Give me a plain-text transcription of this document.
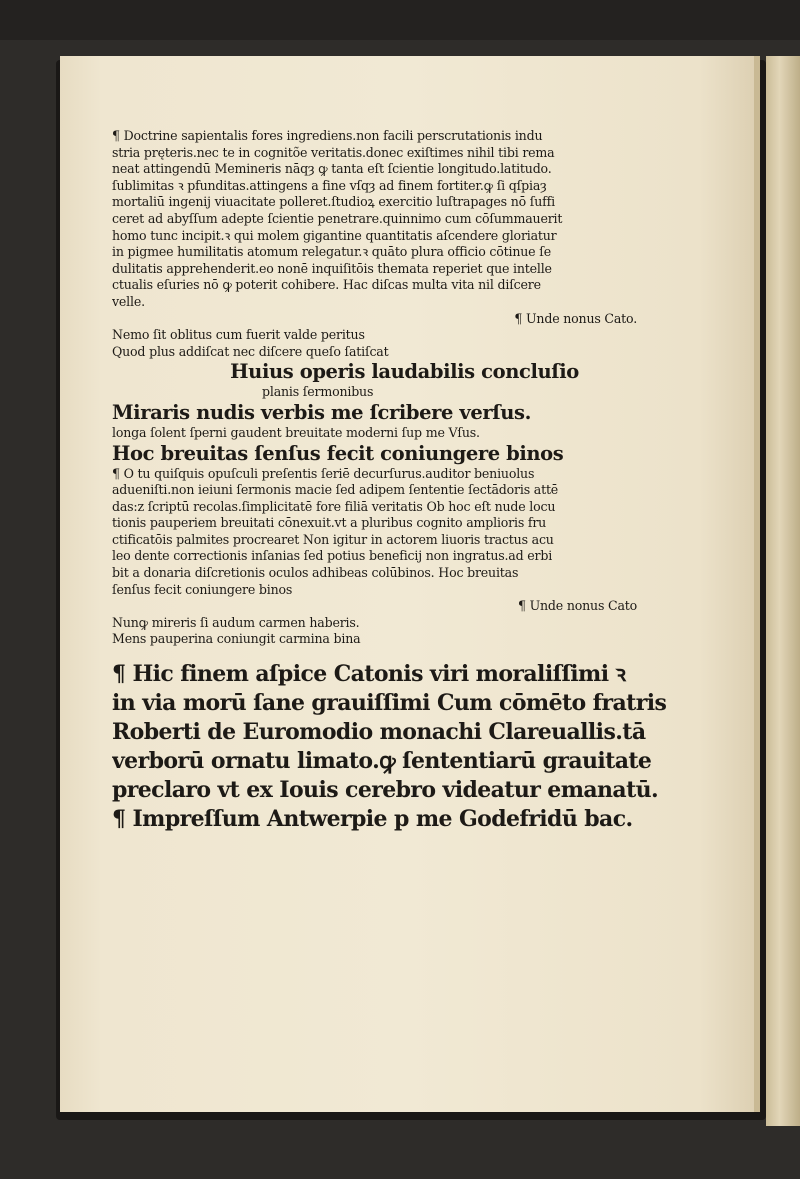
¶ Doctrine sapientalis fores ingrediens.non facili perscrutationis indu
stria pręteris.nec te in cognitõe veritatis.donec exiſtimes nihil tibi rema
neat attingendū Memineris nāqȝ ꝙ tanta eſt ſcientie longitudo.latitudo.
ſublimitas ꝛ pfunditas.attingens a fine vſqȝ ad finem fortiter.ꝙ ſi qſpiaȝ
mortaliū ingenij viuacitate polleret.ſtudioꝝ exercitio luſtrapages nō ſuffi
ceret ad abyſſum adepte ſcientie penetrare.quinnimo cum cōſummauerit
homo tunc incipit.ꝛ qui molem gigantine quantitatis aſcendere gloriatur
in pigmee humilitatis atomum relegatur.ꝛ quāto plura officio cōtinue ſe
dulitatis apprehenderit.eo nonē inquiſitōis themata reperiet que intelle
ctualis eſuries nō ꝙ poterit cohibere. Hac diſcas multa vita nil diſcere
velle.
¶ Unde nonus Cato.
Nemo ſit oblitus cum fuerit valde peritus
Quod plus addiſcat nec diſcere queſo ſatiſcat
Huius operis laudabilis concluſio
planis ſermonibus
Miraris nudis verbis me ſcribere verſus.
longa ſolent ſperni gaudent breuitate moderni ſup me Vſus.
Hoc breuitas ſenſus fecit coniungere binos
¶ O tu quiſquis opuſculi preſentis ſeriē decurſurus.auditor beniuolus
adueniſti.non ieiuni ſermonis macie ſed adipem ſententie ſectādoris attē
das:z ſcriptū recolas.ſimplicitatē fore filiā veritatis Ob hoc eſt nude locu
tionis pauperiem breuitati cōnexuit.vt a pluribus cognito amplioris fru
ctificatōis palmites procrearet Non igitur in actorem liuoris tractus acu
leo dente correctionis inſanias ſed potius beneficij non ingratus.ad erbi
bit a donaria diſcretionis oculos adhibeas colūbinos. Hoc breuitas
ſenſus fecit coniungere binos
¶ Unde nonus Cato
Nunꝙ mireris ſi audum carmen haberis.
Mens pauperina coniungit carmina bina
¶ Hic finem aſpice Catonis viri moraliſſimi ꝛ
in via morū ſane grauiſſimi Cum cōmēto fratris
Roberti de Euromodio monachi Clareuallis.tā
verborū ornatu limato.ꝙ ſententiarū grauitate
preclaro vt ex Iouis cerebro videatur emanatū.
¶ Impreſſum Antwerpie p me Godefridū bac.
